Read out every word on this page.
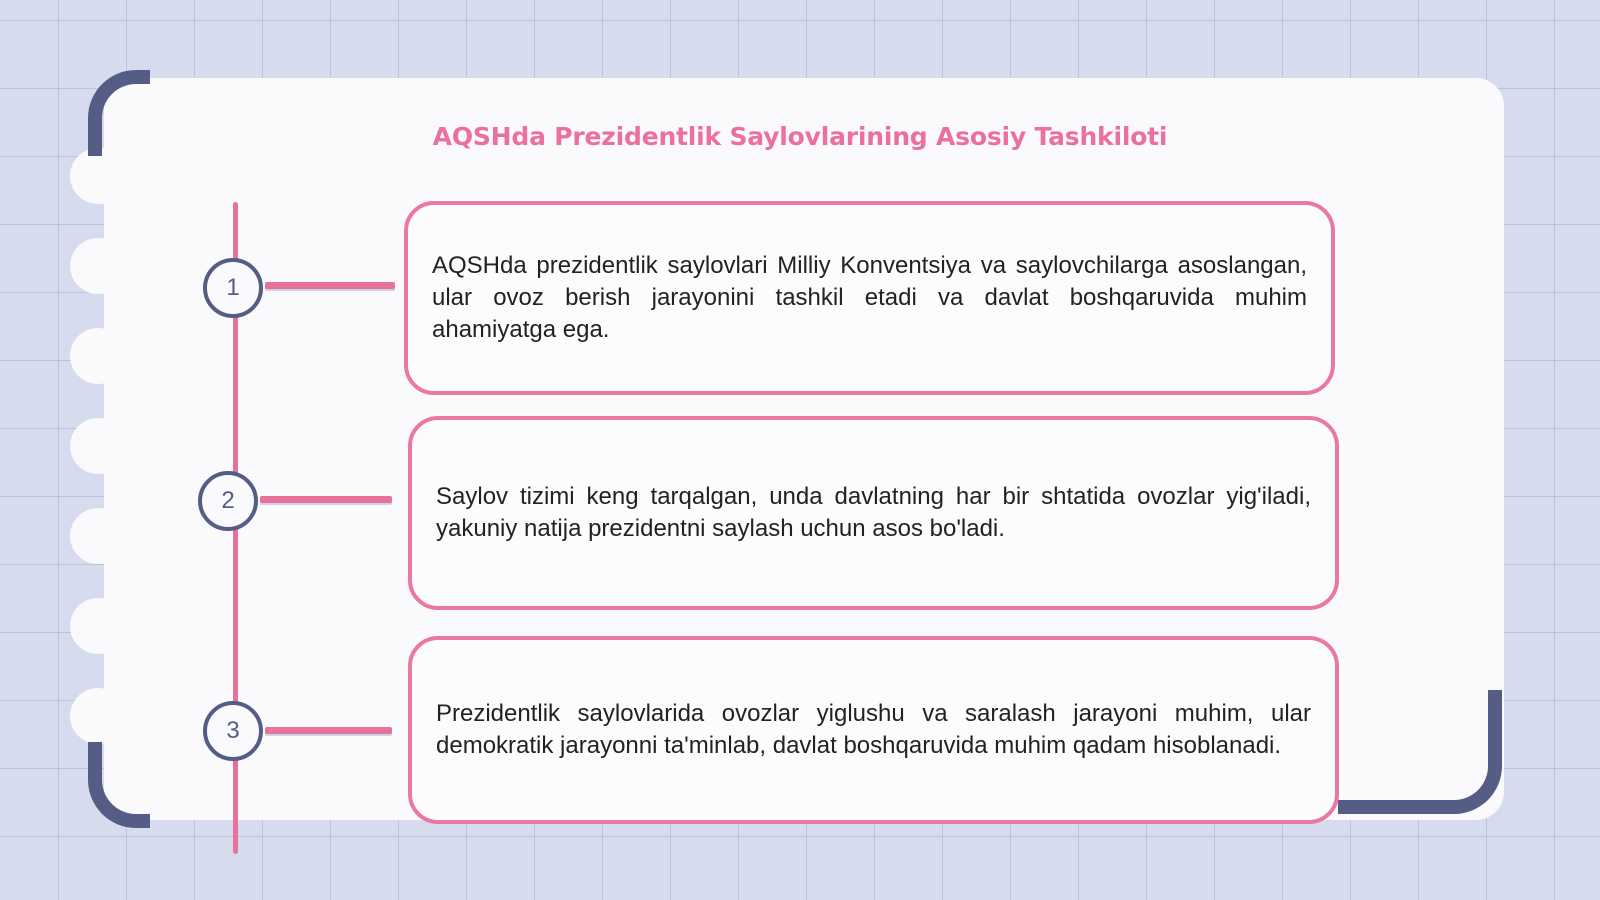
AQSHda Prezidentlik Saylovlarining Asosiy Tashkiloti
1
2
3

AQSHda prezidentlik saylovlari Milliy Konventsiya va saylovchilarga asoslangan, ular ovoz berish jarayonini tashkil etadi va davlat boshqaruvida muhim ahamiyatga ega.

Saylov tizimi keng tarqalgan, unda davlatning har bir shtatida ovozlar yig'iladi, yakuniy natija prezidentni saylash uchun asos bo'ladi.

Prezidentlik saylovlarida ovozlar yiglushu va saralash jarayoni muhim, ular demokratik jarayonni ta'minlab, davlat boshqaruvida muhim qadam hisoblanadi.
